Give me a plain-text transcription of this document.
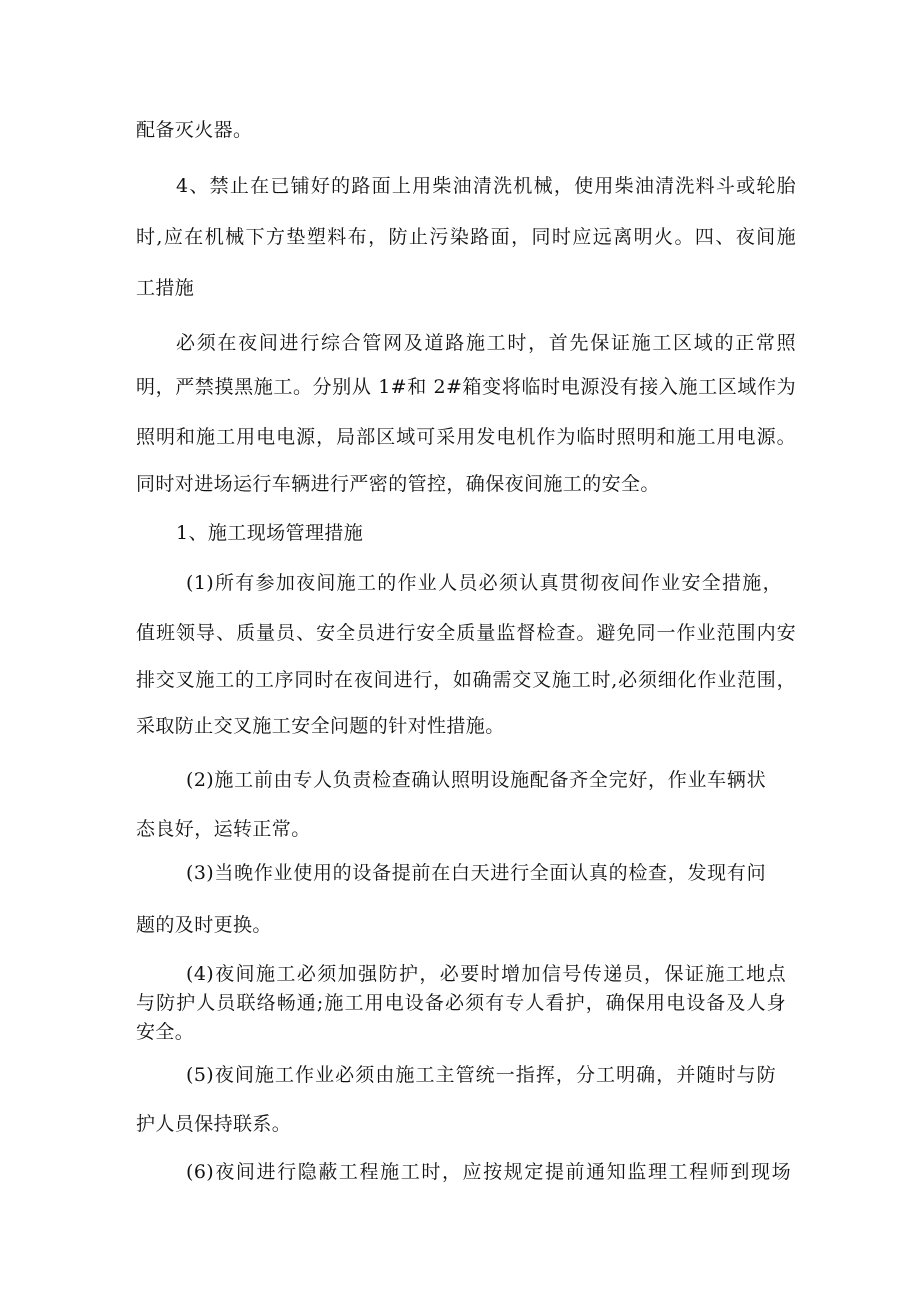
配备灭火器。

4、禁止在已铺好的路面上用柴油清洗机械，使用柴油清洗料斗或轮胎

时,应在机械下方垫塑料布，防止污染路面，同时应远离明火。四、夜间施

工措施

必须在夜间进行综合管网及道路施工时，首先保证施工区域的正常照

明，严禁摸黑施工。分别从 1#和 2#箱变将临时电源没有接入施工区域作为

照明和施工用电电源，局部区域可采用发电机作为临时照明和施工用电源。

同时对进场运行车辆进行严密的管控，确保夜间施工的安全。

1、施工现场管理措施

(1)所有参加夜间施工的作业人员必须认真贯彻夜间作业安全措施，

值班领导、质量员、安全员进行安全质量监督检查。避免同一作业范围内安

排交叉施工的工序同时在夜间进行，如确需交叉施工时,必须细化作业范围，

采取防止交叉施工安全问题的针对性措施。

(2)施工前由专人负责检查确认照明设施配备齐全完好，作业车辆状

态良好，运转正常。

(3)当晚作业使用的设备提前在白天进行全面认真的检查，发现有问

题的及时更换。

(4)夜间施工必须加强防护，必要时增加信号传递员，保证施工地点

与防护人员联络畅通;施工用电设备必须有专人看护，确保用电设备及人身

安全。

(5)夜间施工作业必须由施工主管统一指挥，分工明确，并随时与防

护人员保持联系。

(6)夜间进行隐蔽工程施工时，应按规定提前通知监理工程师到现场
